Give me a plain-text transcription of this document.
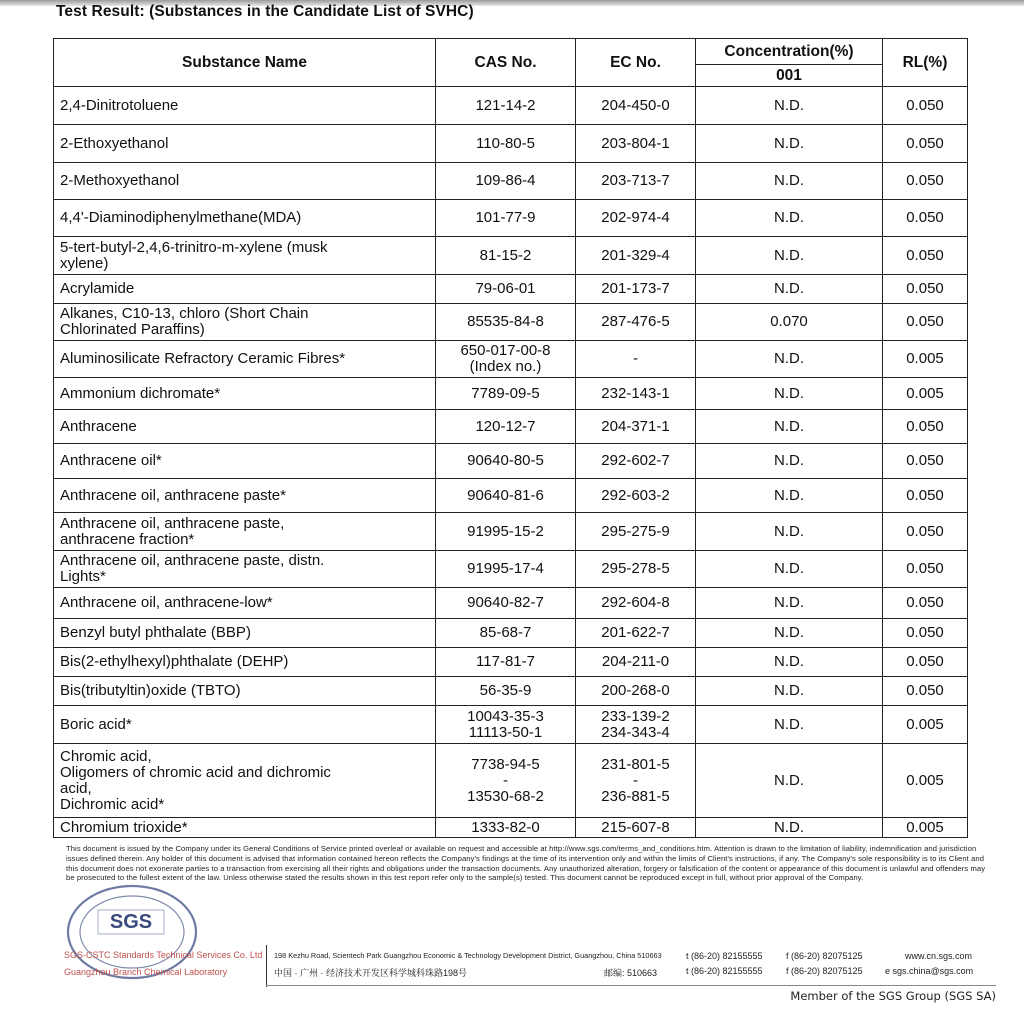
Test Result: (Substances in the Candidate List of SVHC)
Substance Name	CAS No.	EC No.	Concentration(%)	RL(%)
			001	

2,4-Dinitrotoluene	121-14-2	204-450-0	N.D.	0.050

2-Ethoxyethanol	110-80-5	203-804-1	N.D.	0.050

2-Methoxyethanol	109-86-4	203-713-7	N.D.	0.050

4,4'-Diaminodiphenylmethane(MDA)	101-77-9	202-974-4	N.D.	0.050

5-tert-butyl-2,4,6-trinitro-m-xylene (musk
xylene)	81-15-2	201-329-4	N.D.	0.050

Acrylamide	79-06-01	201-173-7	N.D.	0.050

Alkanes, C10-13, chloro (Short Chain
Chlorinated Paraffins)	85535-84-8	287-476-5	0.070	0.050

Aluminosilicate Refractory Ceramic Fibres*	650-017-00-8
(Index no.)	-	N.D.	0.005

Ammonium dichromate*	7789-09-5	232-143-1	N.D.	0.005

Anthracene	120-12-7	204-371-1	N.D.	0.050

Anthracene oil*	90640-80-5	292-602-7	N.D.	0.050

Anthracene oil, anthracene paste*	90640-81-6	292-603-2	N.D.	0.050

Anthracene oil, anthracene paste,
anthracene fraction*	91995-15-2	295-275-9	N.D.	0.050

Anthracene oil, anthracene paste, distn.
Lights*	91995-17-4	295-278-5	N.D.	0.050

Anthracene oil, anthracene-low*	90640-82-7	292-604-8	N.D.	0.050

Benzyl butyl phthalate (BBP)	85-68-7	201-622-7	N.D.	0.050

Bis(2-ethylhexyl)phthalate (DEHP)	117-81-7	204-211-0	N.D.	0.050

Bis(tributyltin)oxide (TBTO)	56-35-9	200-268-0	N.D.	0.050

Boric acid*	10043-35-3
11113-50-1	233-139-2
234-343-4	N.D.	0.005

Chromic acid,
Oligomers of chromic acid and dichromic
acid,
Dichromic acid*	7738-94-5
-
13530-68-2	231-801-5
-
236-881-5	N.D.	0.005

Chromium trioxide*	1333-82-0	215-607-8	N.D.	0.005
This document is issued by the Company under its General Conditions of Service printed overleaf or available on request and accessible at http://www.sgs.com/terms_and_conditions.htm. Attention is drawn to the limitation of liability, indemnification and jurisdiction issues defined therein. Any holder of this document is advised that information contained hereon reflects the Company's findings at the time of its intervention only and within the limits of Client's instructions, if any. The Company's sole responsibility is to its Client and this document does not exonerate parties to a transaction from exercising all their rights and obligations under the transaction documents. Any unauthorized alteration, forgery or falsification of the content or appearance of this document is unlawful and offenders may be prosecuted to the fullest extent of the law. Unless otherwise stated the results shown in this test report refer only to the sample(s) tested. This document cannot be reproduced except in full, without prior approval of the Company.
SGS
SGS-CSTC Standards Technical Services Co. Ltd
Guangzhou Branch Chemical Laboratory
198 Kezhu Road, Scientech Park Guangzhou Economic & Technology Development District, Guangzhou, China 510663
中国 · 广州 · 经济技术开发区科学城科珠路198号	邮编: 510663
t (86-20) 82155555
t (86-20) 82155555
f (86-20) 82075125
f (86-20) 82075125
www.cn.sgs.com
e sgs.china@sgs.com
Member of the SGS Group (SGS SA)
